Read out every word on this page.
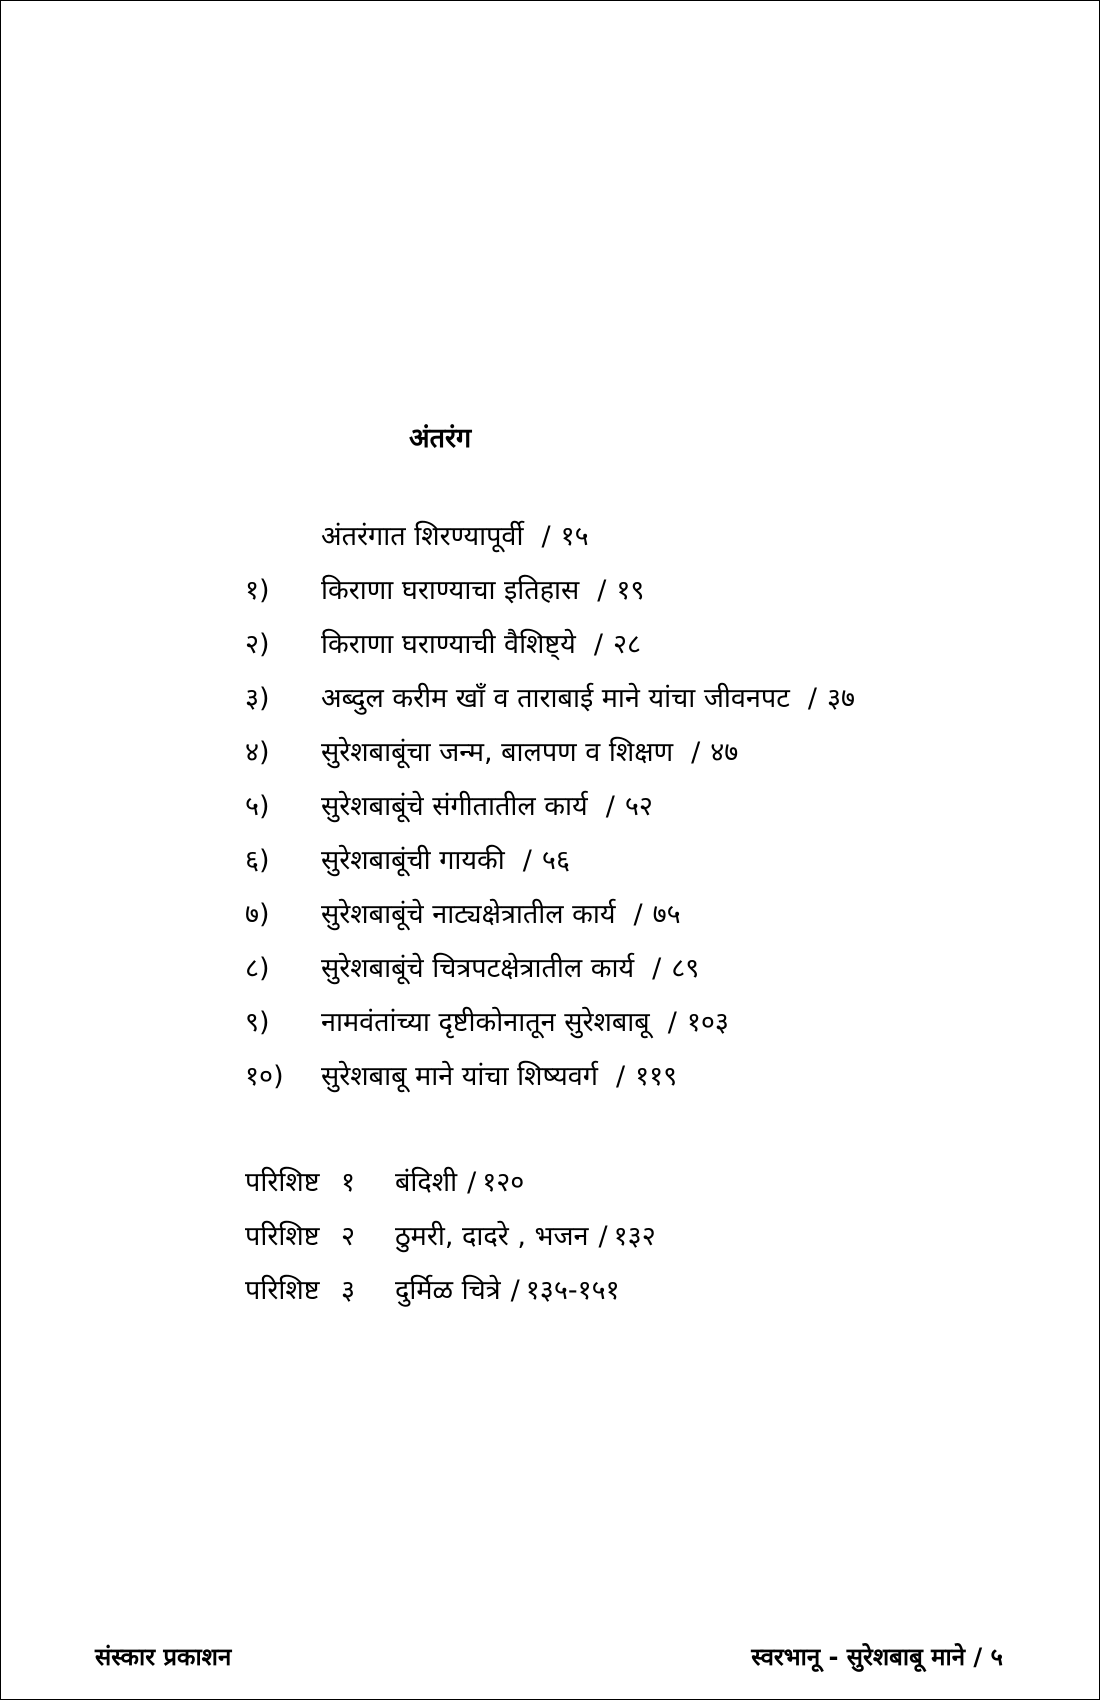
अंतरंग
अंतरंगात शिरण्यापूर्वी / १५
१) किराणा घराण्याचा इतिहास / १९
२) किराणा घराण्याची वैशिष्ट्ये / २८
३) अब्दुल करीम खाँ व ताराबाई माने यांचा जीवनपट / ३७
४) सुरेशबाबूंचा जन्म, बालपण व शिक्षण / ४७
५) सुरेशबाबूंचे संगीतातील कार्य / ५२
६) सुरेशबाबूंची गायकी / ५६
७) सुरेशबाबूंचे नाट्यक्षेत्रातील कार्य / ७५
८) सुरेशबाबूंचे चित्रपटक्षेत्रातील कार्य / ८९
९) नामवंतांच्या दृष्टीकोनातून सुरेशबाबू / १०३
१०) सुरेशबाबू माने यांचा शिष्यवर्ग / ११९
परिशिष्ट १ बंदिशी / १२०
परिशिष्ट २ ठुमरी, दादरे , भजन / १३२
परिशिष्ट ३ दुर्मिळ चित्रे / १३५-१५१
संस्कार प्रकाशन	स्वरभानू - सुरेशबाबू माने / ५
